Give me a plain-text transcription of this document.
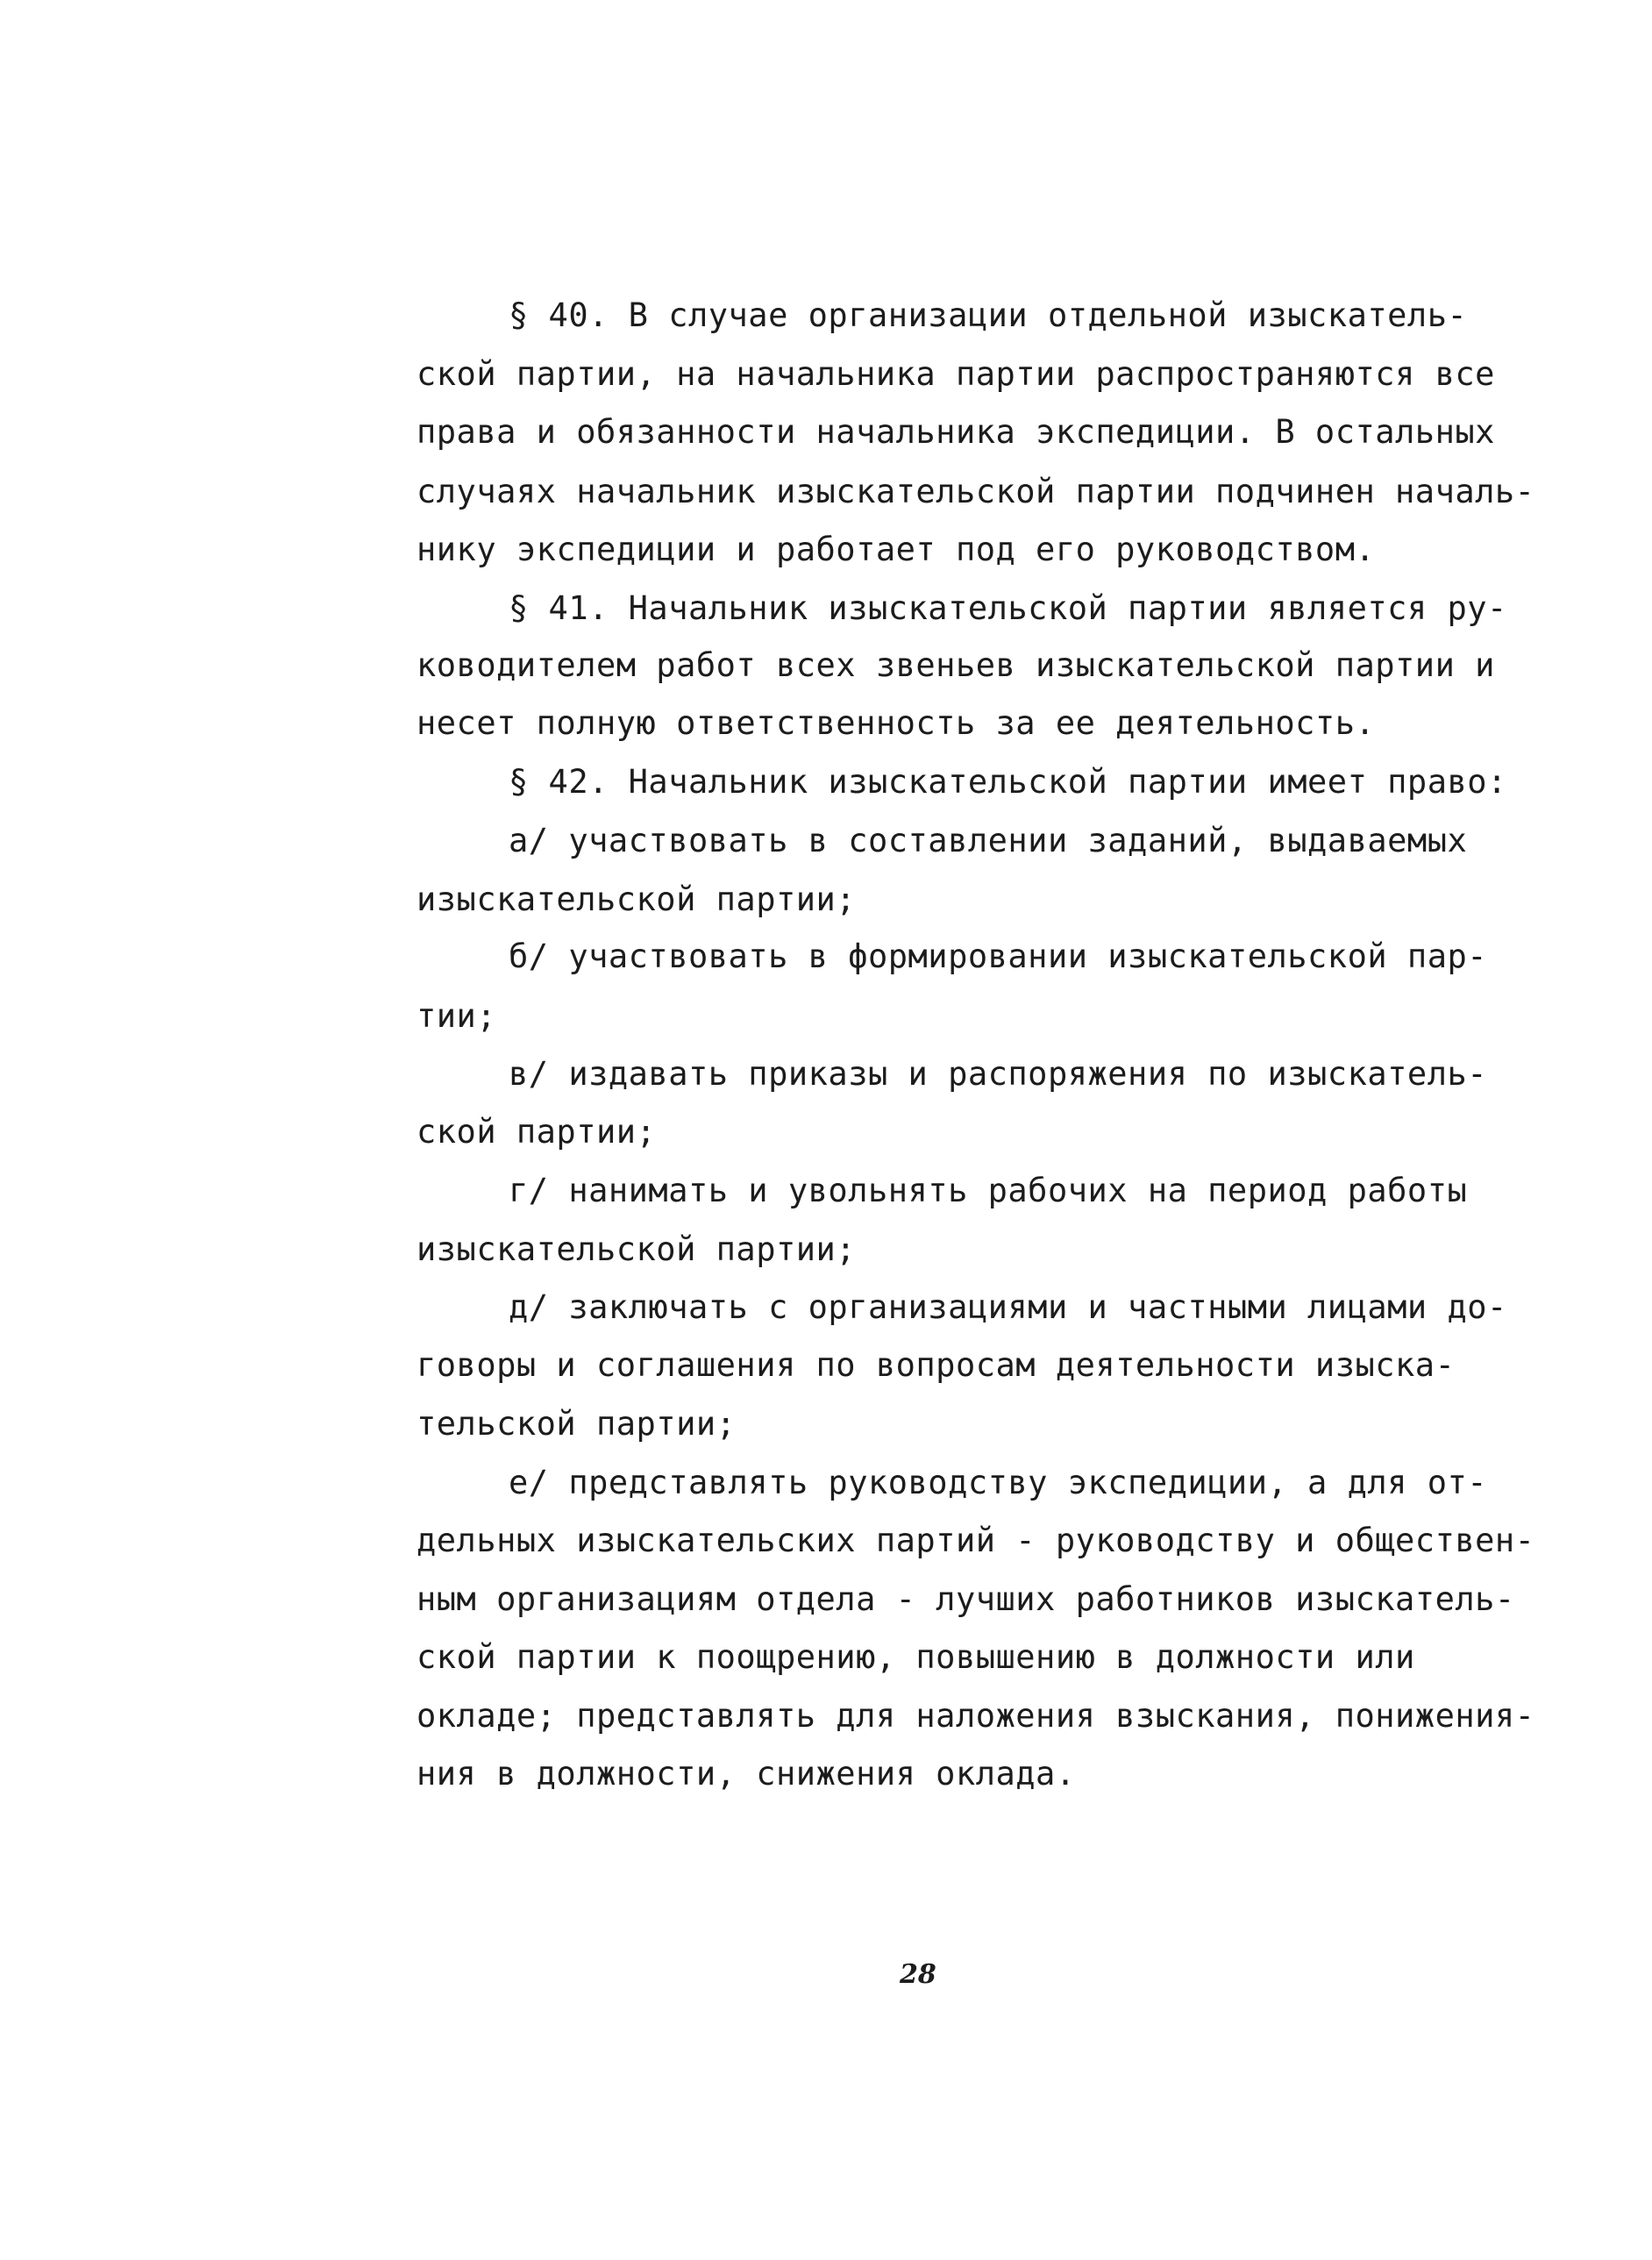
§ 40. В случае организации отдельной изыскатель-

ской партии, на начальника партии распространяются все

права и обязанности начальника экспедиции. В остальных

случаях начальник изыскательской партии подчинен началь-

нику экспедиции и работает под его руководством.

§ 41. Начальник изыскательской партии является ру-

ководителем работ всех звеньев изыскательской партии и

несет полную ответственность за ее деятельность.

§ 42. Начальник изыскательской партии имеет право:

а/ участвовать в составлении заданий, выдаваемых

изыскательской партии;

б/ участвовать в формировании изыскательской пар-

тии;

в/ издавать приказы и распоряжения по изыскатель-

ской партии;

г/ нанимать и увольнять рабочих на период работы

изыскательской партии;

д/ заключать с организациями и частными лицами до-

говоры и соглашения по вопросам деятельности изыска-

тельской партии;

е/ представлять руководству экспедиции, а для от-

дельных изыскательских партий - руководству и обществен-

ным организациям отдела - лучших работников изыскатель-

ской партии к поощрению, повышению в должности или

окладе; представлять для наложения взыскания, понижения-

ния в должности, снижения оклада.

28
